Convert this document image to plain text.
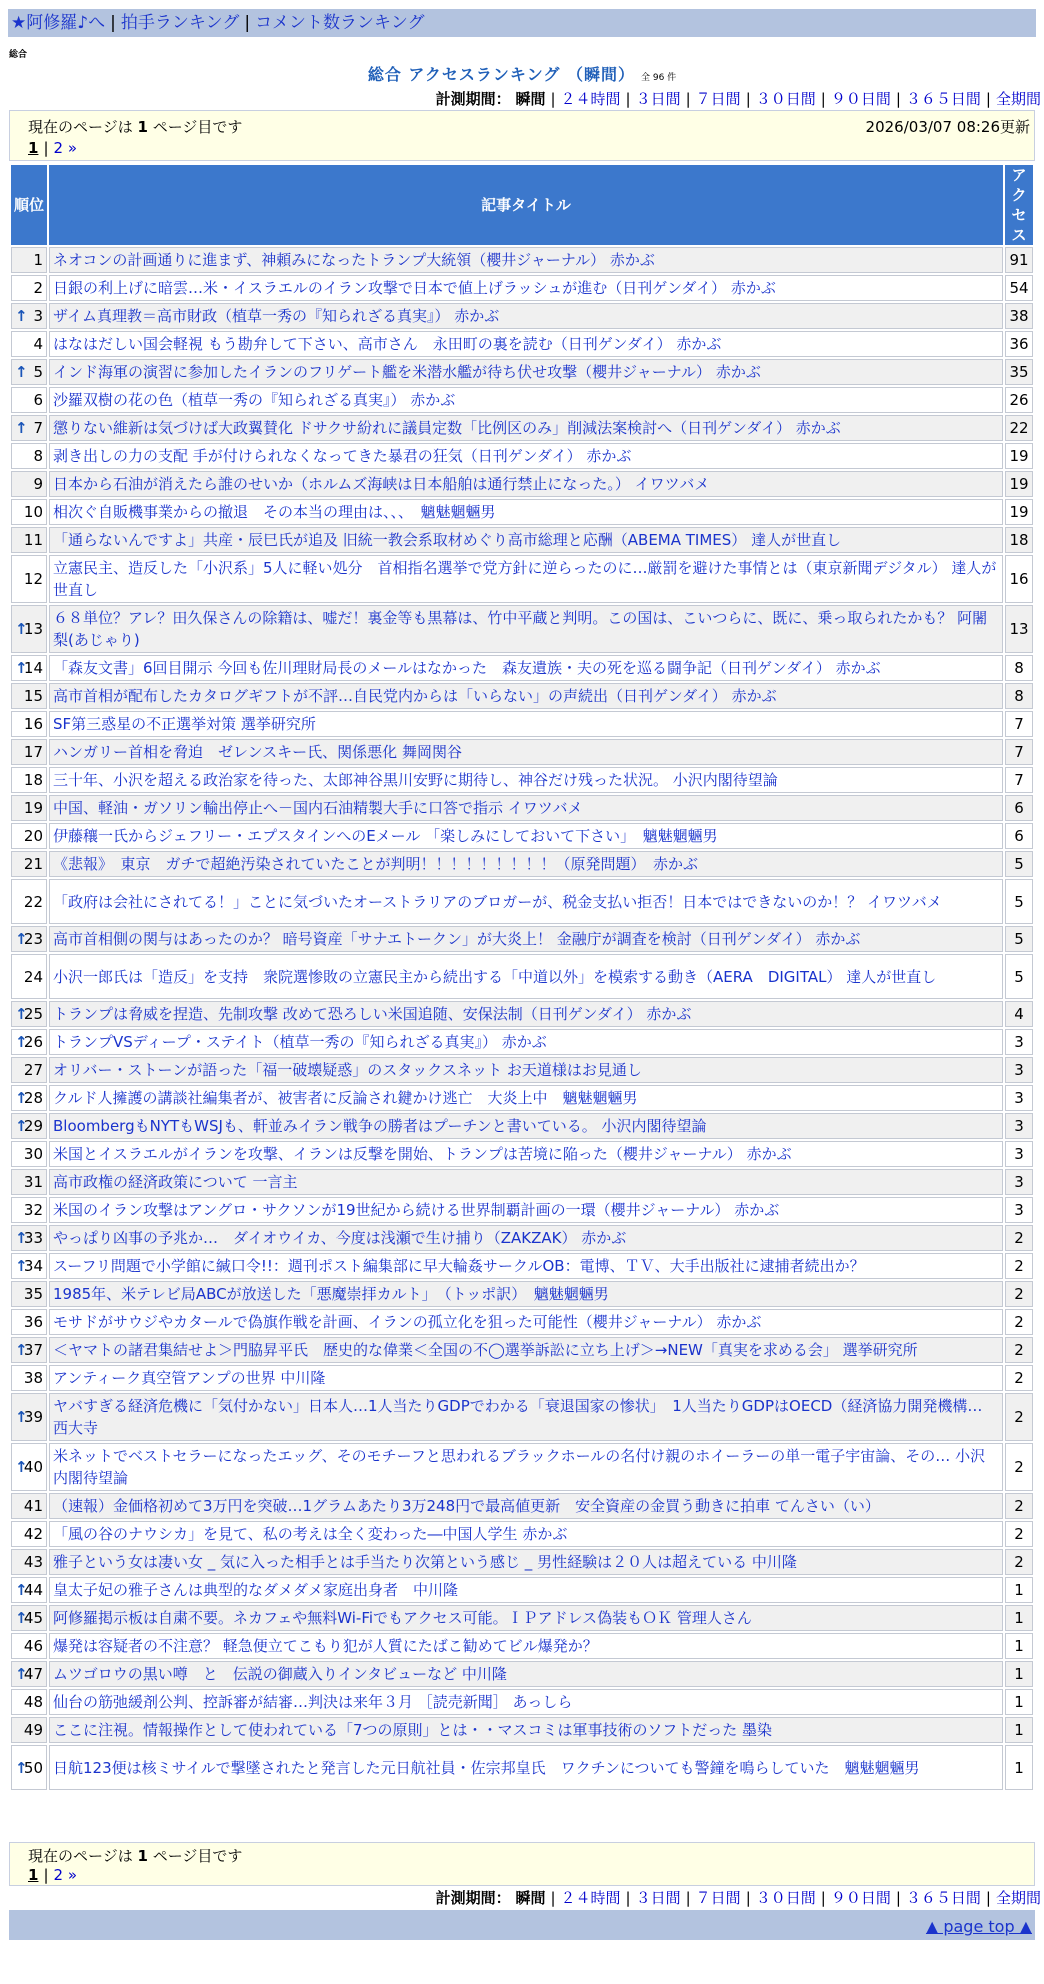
★阿修羅♪へ | 拍手ランキング | コメント数ランキング
総合
総合 アクセスランキング （瞬間） 全 96 件
計測期間： 瞬間 | ２４時間 | ３日間 | ７日間 | ３０日間 | ９０日間 | ３６５日間 | 全期間
現在のページは 1 ページ目です	2026/03/07 08:26更新
1 | 2 »
順位	記事タイトル	アクセス
1	ネオコンの計画通りに進まず、神頼みになったトランプ大統領（櫻井ジャーナル） 赤かぶ	91
2	日銀の利上げに暗雲…米・イスラエルのイラン攻撃で日本で値上げラッシュが進む（日刊ゲンダイ） 赤かぶ	54

↑ 3	ザイム真理教＝高市財政（植草一秀の『知られざる真実』） 赤かぶ	38
4	はなはだしい国会軽視 もう勘弁して下さい、高市さん　永田町の裏を読む（日刊ゲンダイ） 赤かぶ	36

↑ 5	インド海軍の演習に参加したイランのフリゲート艦を米潜水艦が待ち伏せ攻撃（櫻井ジャーナル） 赤かぶ	35
6	沙羅双樹の花の色（植草一秀の『知られざる真実』） 赤かぶ	26

↑ 7	懲りない維新は気づけば大政翼賛化 ドサクサ紛れに議員定数「比例区のみ」削減法案検討へ（日刊ゲンダイ） 赤かぶ	22
8	剥き出しの力の支配 手が付けられなくなってきた暴君の狂気（日刊ゲンダイ） 赤かぶ	19
9	日本から石油が消えたら誰のせいか（ホルムズ海峡は日本船舶は通行禁止になった。） イワツバメ	19
10	相次ぐ自販機事業からの撤退　その本当の理由は、、、　魑魅魍魎男	19
11	「通らないんですよ」共産・辰巳氏が追及 旧統一教会系取材めぐり高市総理と応酬（ABEMA TIMES） 達人が世直し	18
12	立憲民主、造反した「小沢系」5人に軽い処分　首相指名選挙で党方針に逆らったのに…厳罰を避けた事情とは（東京新聞デジタル） 達人が世直し	16

↑
13	６８単位？アレ？田久保さんの除籍は、嘘だ！裏金等も黒幕は、竹中平蔵と判明。この国は、こいつらに、既に、乗っ取られたかも？ 阿闍梨(あじゃり)	13

↑
14	「森友文書」6回目開示 今回も佐川理財局長のメールはなかった　森友遺族・夫の死を巡る闘争記（日刊ゲンダイ） 赤かぶ	8
15	高市首相が配布したカタログギフトが不評…自民党内からは「いらない」の声続出（日刊ゲンダイ） 赤かぶ	8
16	SF第三惑星の不正選挙対策 選挙研究所	7
17	ハンガリー首相を脅迫　ゼレンスキー氏、関係悪化 舞岡関谷	7
18	三十年、小沢を超える政治家を待った、太郎神谷黒川安野に期待し、神谷だけ残った状況。 小沢内閣待望論	7
19	中国、軽油・ガソリン輸出停止へ－国内石油精製大手に口答で指示 イワツバメ	6
20	伊藤穰一氏からジェフリー・エプスタインへのEメール 「楽しみにしておいて下さい」　魑魅魍魎男	6
21	《悲報》　東京　ガチで超絶汚染されていたことが判明！！！！！！！！！（原発問題）　赤かぶ	5
22	「政府は会社にされてる！」ことに気づいたオーストラリアのブロガーが、税金支払い拒否！日本ではできないのか！？ イワツバメ	5

↑
23	高市首相側の関与はあったのか？ 暗号資産「サナエトークン」が大炎上！ 金融庁が調査を検討（日刊ゲンダイ） 赤かぶ	5
24	小沢一郎氏は「造反」を支持　衆院選惨敗の立憲民主から続出する「中道以外」を模索する動き（AERA　DIGITAL） 達人が世直し	5

↑
25	トランプは脅威を捏造、先制攻撃 改めて恐ろしい米国追随、安保法制（日刊ゲンダイ） 赤かぶ	4

↑
26	トランプVSディープ・ステイト（植草一秀の『知られざる真実』） 赤かぶ	3
27	オリバー・ストーンが語った「福一破壊疑惑」のスタックスネット お天道様はお見通し	3

↑
28	クルド人擁護の講談社編集者が、被害者に反論され鍵かけ逃亡　大炎上中　魑魅魍魎男	3

↑
29	BloombergもNYTもWSJも、軒並みイラン戦争の勝者はプーチンと書いている。 小沢内閣待望論	3
30	米国とイスラエルがイランを攻撃、イランは反撃を開始、トランプは苦境に陥った（櫻井ジャーナル） 赤かぶ	3
31	高市政権の経済政策について 一言主	3
32	米国のイラン攻撃はアングロ・サクソンが19世紀から続ける世界制覇計画の一環（櫻井ジャーナル） 赤かぶ	3

↑
33	やっぱり凶事の予兆か…　ダイオウイカ、今度は浅瀬で生け捕り（ZAKZAK） 赤かぶ	2

↑
34	スーフリ問題で小学館に緘口令!!：週刊ポスト編集部に早大輪姦サークルOB：電博、ＴＶ、大手出版社に逮捕者続出か？	2
35	1985年、米テレビ局ABCが放送した「悪魔崇拝カルト」　（トッポ訳）　魑魅魍魎男	2
36	モサドがサウジやカタールで偽旗作戦を計画、イランの孤立化を狙った可能性（櫻井ジャーナル） 赤かぶ	2

↑
37	＜ヤマトの諸君集結せよ＞門脇昇平氏　歴史的な偉業＜全国の不◯選挙訴訟に立ち上げ＞→NEW「真実を求める会」 選挙研究所	2
38	アンティーク真空管アンプの世界 中川隆	2

↑
39	ヤバすぎる経済危機に「気付かない」日本人…1人当たりGDPでわかる「衰退国家の惨状」　1人当たりGDPはOECD（経済協力開発機構… 西大寺	2

↑
40	米ネットでベストセラーになったエッグ、そのモチーフと思われるブラックホールの名付け親のホイーラーの単一電子宇宙論、その… 小沢内閣待望論	2
41	（速報）金価格初めて3万円を突破…1グラムあたり3万248円で最高値更新　安全資産の金買う動きに拍車 てんさい（い）	2
42	「風の谷のナウシカ」を見て、私の考えは全く変わった―中国人学生 赤かぶ	2
43	雅子という女は凄い女 _ 気に入った相手とは手当たり次第という感じ _ 男性経験は２０人は超えている 中川隆	2

↑
44	皇太子妃の雅子さんは典型的なダメダメ家庭出身者　中川隆	1

↑
45	阿修羅掲示板は自粛不要。ネカフェや無料Wi-Fiでもアクセス可能。ＩＰアドレス偽装もＯＫ 管理人さん	1
46	爆発は容疑者の不注意？ 軽急便立てこもり犯が人質にたばこ勧めてビル爆発か？	1

↑
47	ムツゴロウの黒い噂　と　伝説の御蔵入りインタビューなど 中川隆	1
48	仙台の筋弛緩剤公判、控訴審が結審…判決は来年３月 ［読売新聞］ あっしら	1
49	ここに注視。情報操作として使われている「7つの原則」とは・・マスコミは軍事技術のソフトだった 墨染	1

↑
50	日航123便は核ミサイルで撃墜されたと発言した元日航社員・佐宗邦皇氏　ワクチンについても警鐘を鳴らしていた　魑魅魍魎男	1
現在のページは 1 ページ目です
1 | 2 »
計測期間： 瞬間 | ２４時間 | ３日間 | ７日間 | ３０日間 | ９０日間 | ３６５日間 | 全期間
▲ page top ▲
